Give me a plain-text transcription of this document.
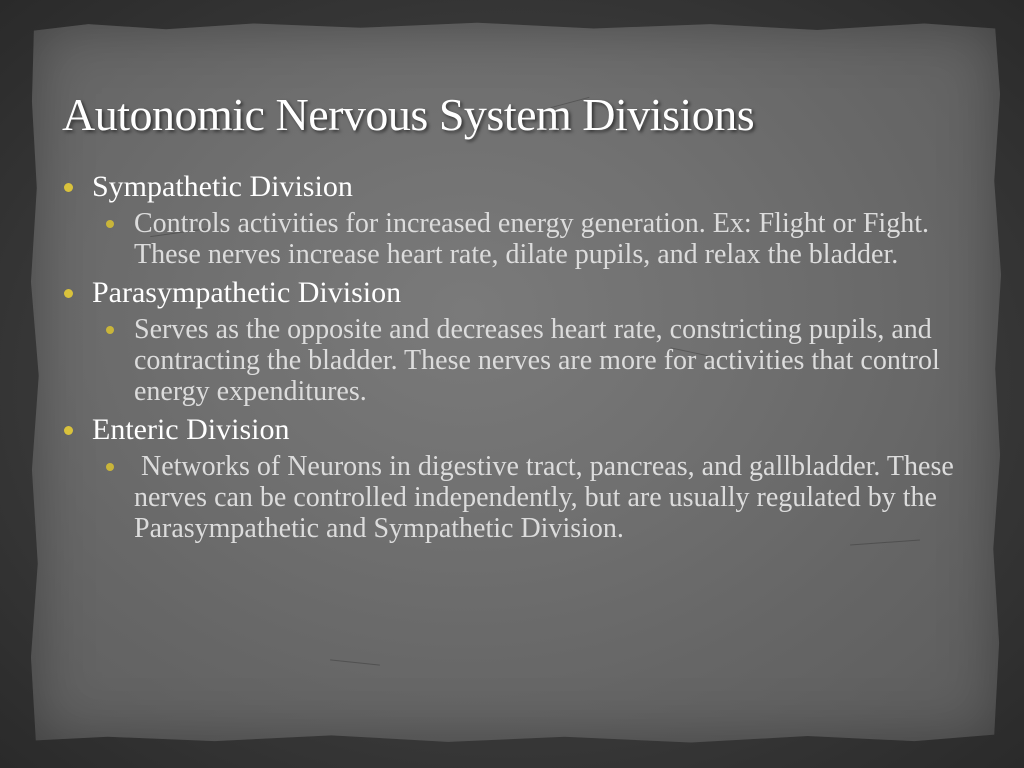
Autonomic Nervous System Divisions
Sympathetic Division
Controls activities for increased energy generation. Ex: Flight or Fight. These nerves increase heart rate, dilate pupils, and relax the bladder.
Parasympathetic Division
Serves as the opposite and decreases heart rate, constricting pupils, and contracting the bladder. These nerves are more for activities that control energy expenditures.
Enteric Division
Networks of Neurons in digestive tract, pancreas, and gallbladder. These nerves can be controlled independently, but are usually regulated by the Parasympathetic and Sympathetic Division.
